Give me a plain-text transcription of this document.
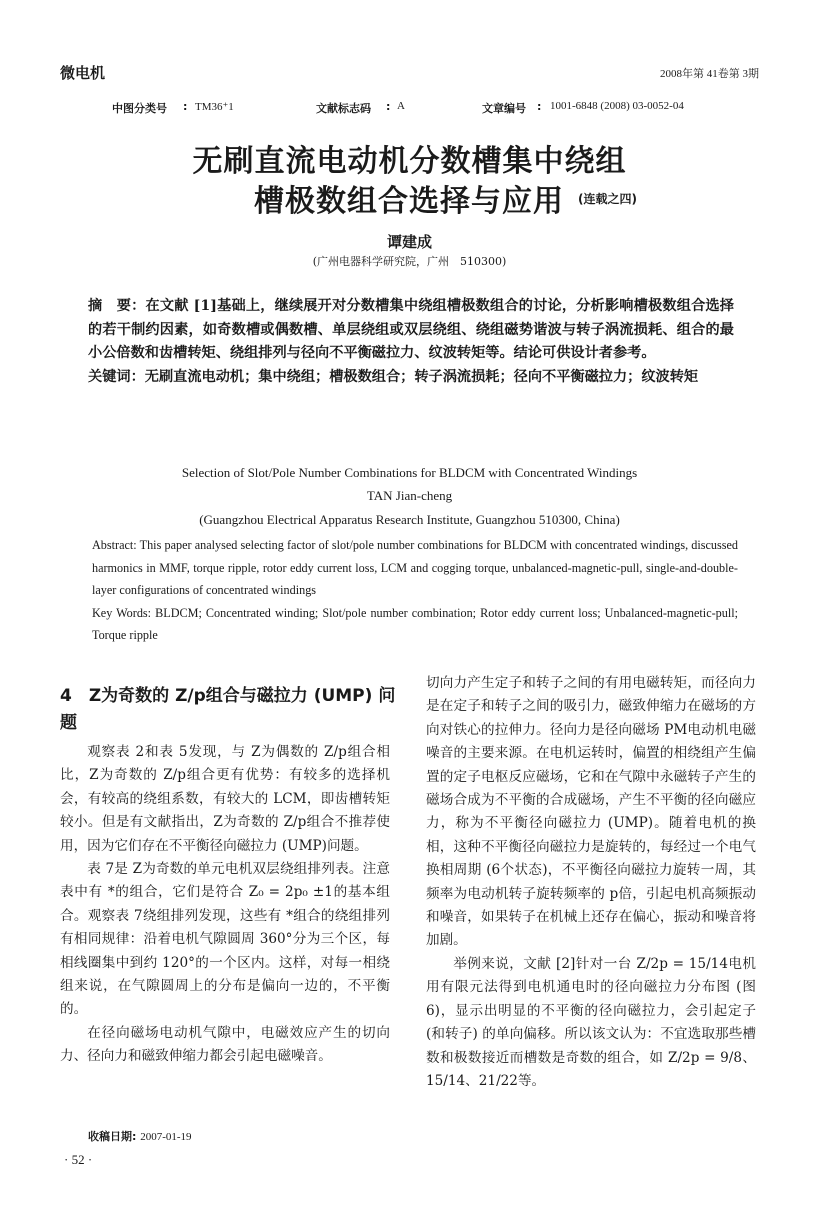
微电机	2008年第 41卷第 3期
中图分类号 : TM36⁺1	文献标志码 : A	文章编号 : 1001-6848 (2008) 03-0052-04
无刷直流电动机分数槽集中绕组
槽极数组合选择与应用 (连载之四)
谭建成
(广州电器科学研究院，广州　510300)
摘　要：在文献 [1]基础上，继续展开对分数槽集中绕组槽极数组合的讨论，分析影响槽极数组合选择的若干制约因素，如奇数槽或偶数槽、单层绕组或双层绕组、绕组磁势谐波与转子涡流损耗、组合的最小公倍数和齿槽转矩、绕组排列与径向不平衡磁拉力、纹波转矩等。结论可供设计者参考。
关键词：无刷直流电动机；集中绕组；槽极数组合；转子涡流损耗；径向不平衡磁拉力；纹波转矩
Selection of Slot/Pole Number Combinations for BLDCM with Concentrated Windings
TAN Jian-cheng
(Guangzhou Electrical Apparatus Research Institute, Guangzhou 510300, China)
Abstract: This paper analysed selecting factor of slot/pole number combinations for BLDCM with concentrated windings, discussed harmonics in MMF, torque ripple, rotor eddy current loss, LCM and cogging torque, unbalanced-magnetic-pull, single-and-double-layer configurations of concentrated windings
Key Words: BLDCM; Concentrated winding; Slot/pole number combination; Rotor eddy current loss; Unbalanced-magnetic-pull; Torque ripple
4　Z为奇数的 Z/p组合与磁拉力 (UMP) 问题

观察表 2和表 5发现，与 Z为偶数的 Z/p组合相比，Z为奇数的 Z/p组合更有优势：有较多的选择机会，有较高的绕组系数，有较大的 LCM，即齿槽转矩较小。但是有文献指出，Z为奇数的 Z/p组合不推荐使用，因为它们存在不平衡径向磁拉力 (UMP)问题。

表 7是 Z为奇数的单元电机双层绕组排列表。注意表中有 *的组合，它们是符合 Z₀ = 2p₀ ±1的基本组合。观察表 7绕组排列发现，这些有 *组合的绕组排列有相同规律：沿着电机气隙圆周 360°分为三个区，每相线圈集中到约 120°的一个区内。这样，对每一相绕组来说，在气隙圆周上的分布是偏向一边的，不平衡的。

在径向磁场电动机气隙中，电磁效应产生的切向力、径向力和磁致伸缩力都会引起电磁噪音。

切向力产生定子和转子之间的有用电磁转矩，而径向力是在定子和转子之间的吸引力，磁致伸缩力在磁场的方向对铁心的拉伸力。径向力是径向磁场 PM电动机电磁噪音的主要来源。在电机运转时，偏置的相绕组产生偏置的定子电枢反应磁场，它和在气隙中永磁转子产生的磁场合成为不平衡的合成磁场，产生不平衡的径向磁应力，称为不平衡径向磁拉力 (UMP)。随着电机的换相，这种不平衡径向磁拉力是旋转的，每经过一个电气换相周期 (6个状态)，不平衡径向磁拉力旋转一周，其频率为电动机转子旋转频率的 p倍，引起电机高频振动和噪音，如果转子在机械上还存在偏心，振动和噪音将加剧。

举例来说，文献 [2]针对一台 Z/2p = 15/14电机用有限元法得到电机通电时的径向磁拉力分布图 (图 6)，显示出明显的不平衡的径向磁拉力，会引起定子 (和转子) 的单向偏移。所以该文认为：不宜选取那些槽数和极数接近而槽数是奇数的组合，如 Z/2p = 9/8、15/14、21/22等。

收稿日期: 2007-01-19
· 52 ·
